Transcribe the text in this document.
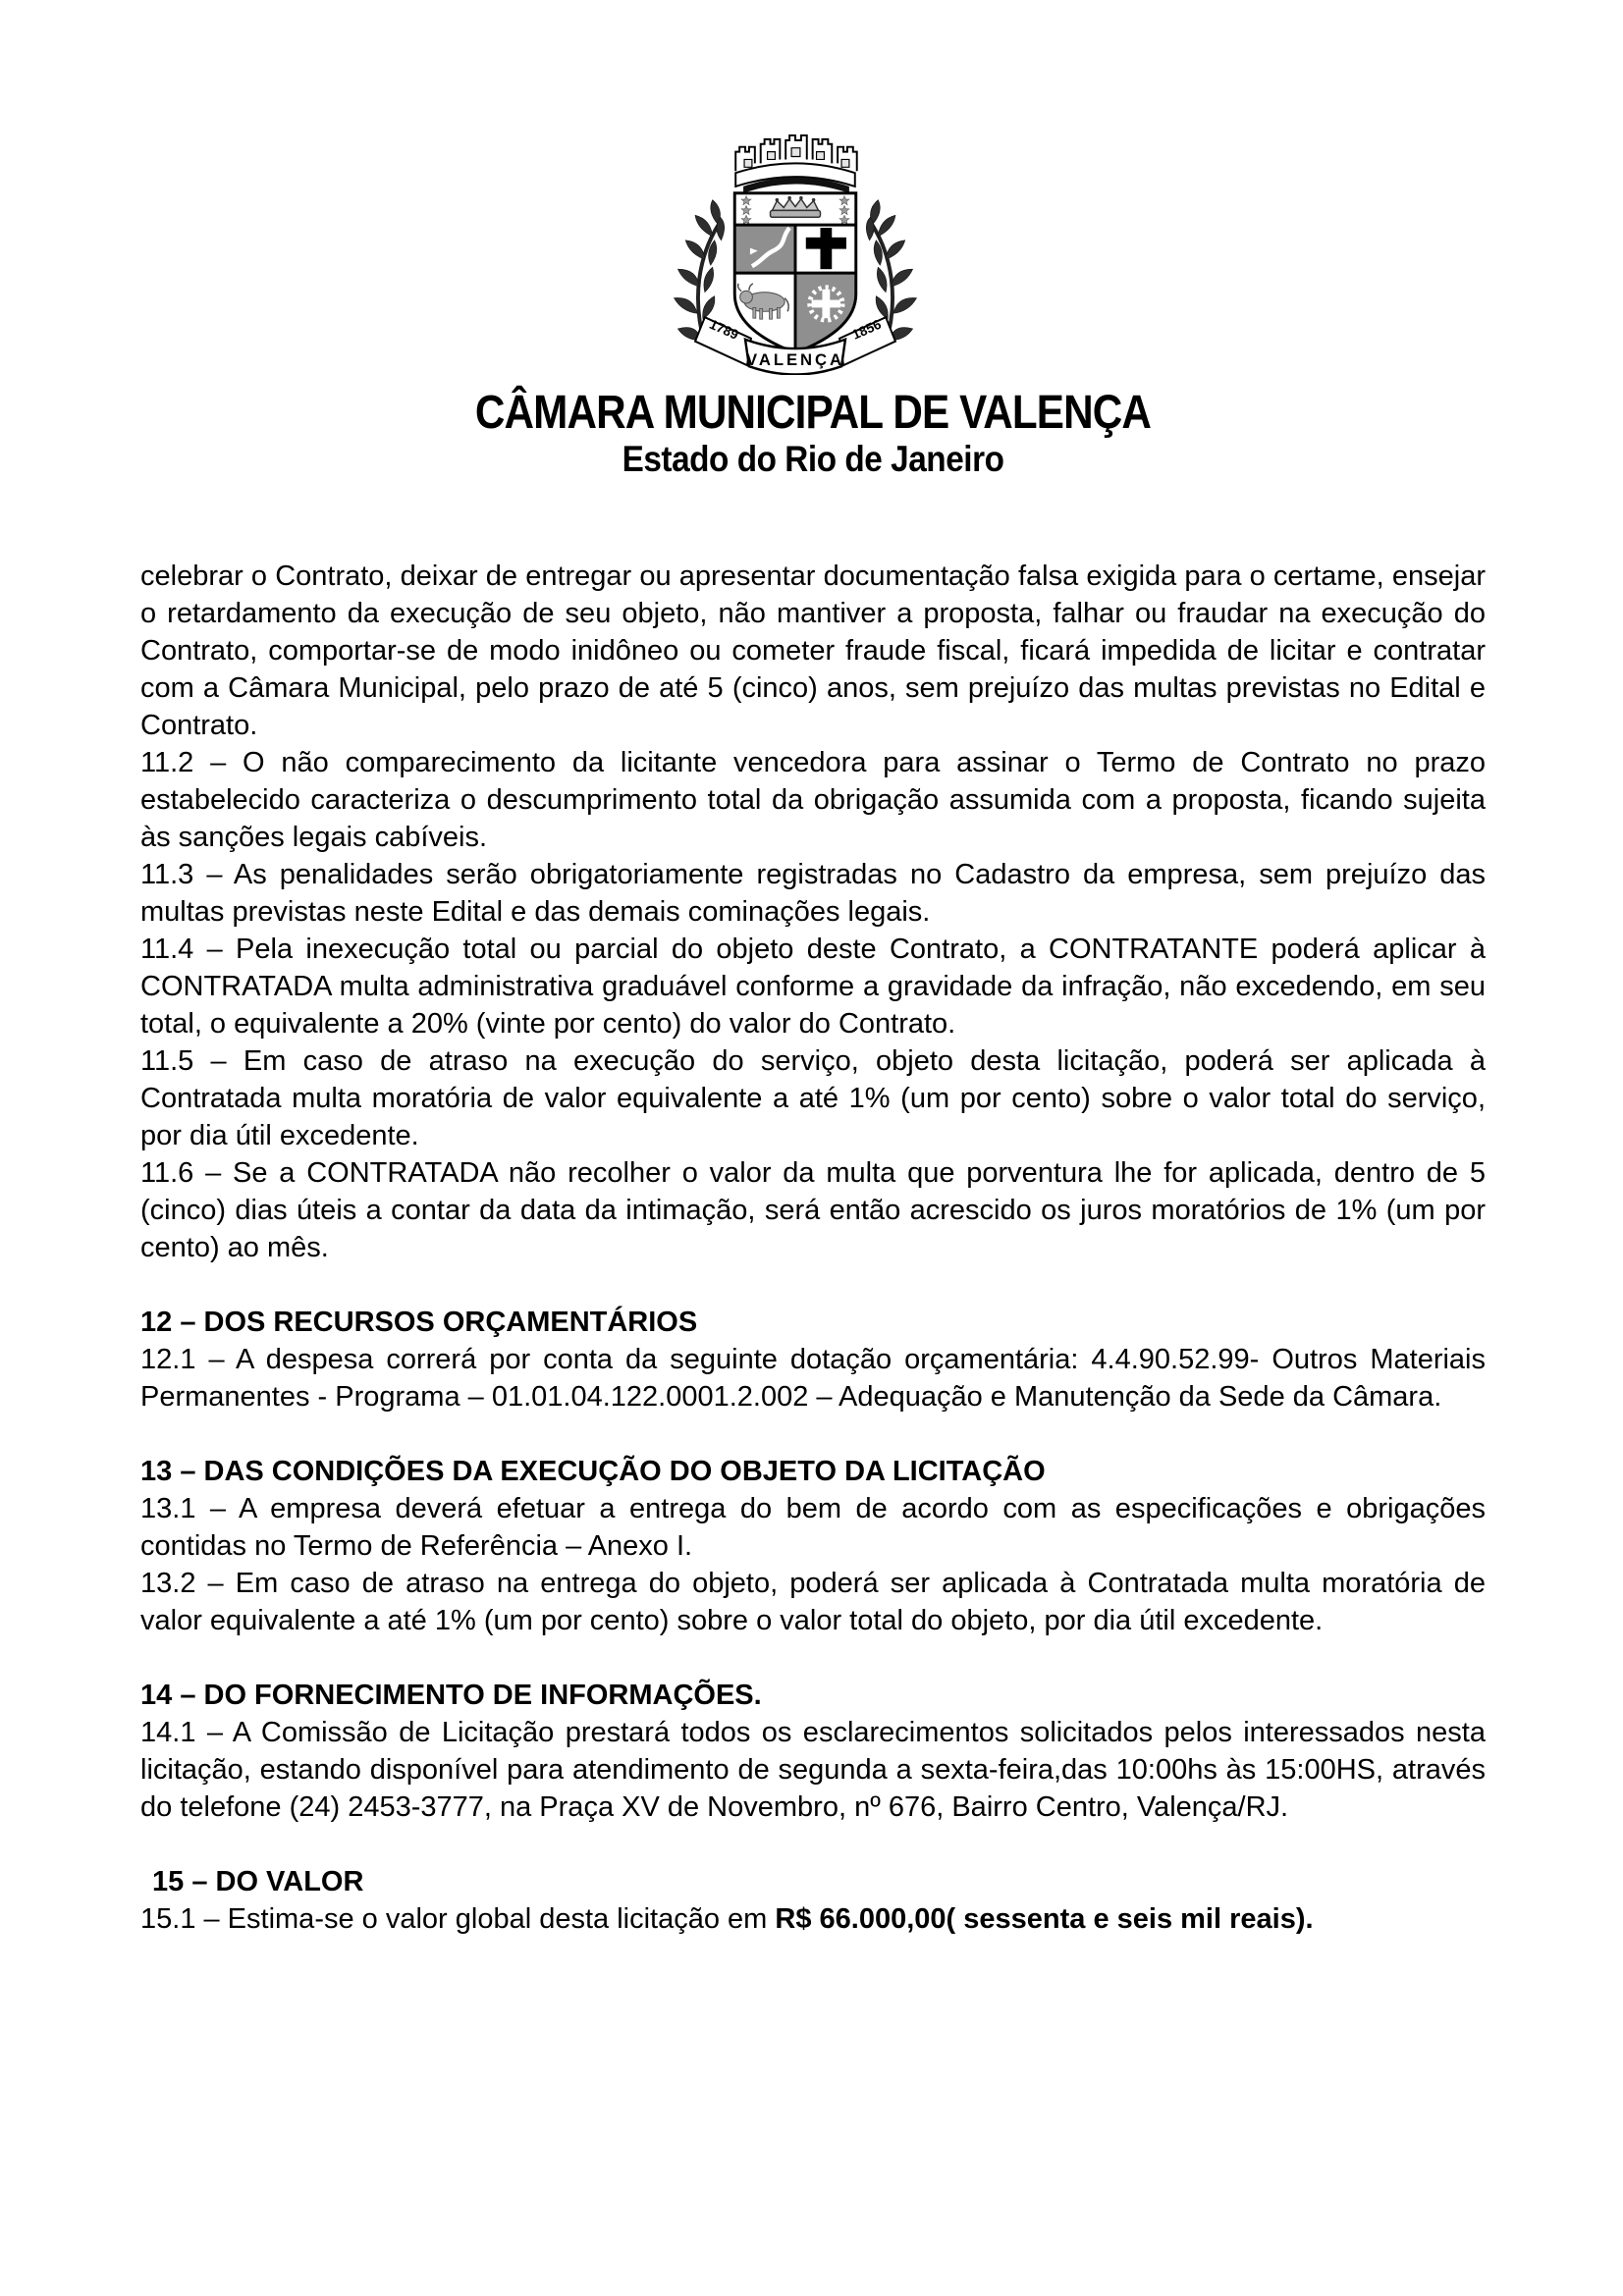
1789	1856
VALENÇA
CÂMARA MUNICIPAL DE VALENÇA
Estado do Rio de Janeiro

celebrar o Contrato, deixar de entregar ou apresentar documentação falsa exigida para o certame, ensejar o retardamento da execução de seu objeto, não mantiver a proposta, falhar ou fraudar na execução do Contrato, comportar-se de modo inidôneo ou cometer fraude fiscal, ficará impedida de licitar e contratar com a Câmara Municipal, pelo prazo de até 5 (cinco) anos, sem prejuízo das multas previstas no Edital e Contrato.

11.2 – O não comparecimento da licitante vencedora para assinar o Termo de Contrato no prazo estabelecido caracteriza o descumprimento total da obrigação assumida com a proposta, ficando sujeita às sanções legais cabíveis.

11.3 – As penalidades serão obrigatoriamente registradas no Cadastro da empresa, sem prejuízo das multas previstas neste Edital e das demais cominações legais.

11.4 – Pela inexecução total ou parcial do objeto deste Contrato, a CONTRATANTE poderá aplicar à CONTRATADA multa administrativa graduável conforme a gravidade da infração, não excedendo, em seu total, o equivalente a 20% (vinte por cento) do valor do Contrato.

11.5 – Em caso de atraso na execução do serviço, objeto desta licitação, poderá ser aplicada à Contratada multa moratória de valor equivalente a até 1% (um por cento) sobre o valor total do serviço, por dia útil excedente.

11.6 – Se a CONTRATADA não recolher o valor da multa que porventura lhe for aplicada, dentro de 5 (cinco) dias úteis a contar da data da intimação, será então acrescido os juros moratórios de 1% (um por cento) ao mês.

12 – DOS RECURSOS ORÇAMENTÁRIOS

12.1 – A despesa correrá por conta da seguinte dotação orçamentária: 4.4.90.52.99- Outros Materiais Permanentes - Programa – 01.01.04.122.0001.2.002 – Adequação e Manutenção da Sede da Câmara.

13 – DAS CONDIÇÕES DA EXECUÇÃO DO OBJETO DA LICITAÇÃO

13.1 – A empresa deverá efetuar a entrega do bem de acordo com as especificações e obrigações contidas no Termo de Referência – Anexo I.

13.2 – Em caso de atraso na entrega do objeto, poderá ser aplicada à Contratada multa moratória de valor equivalente a até 1% (um por cento) sobre o valor total do objeto, por dia útil excedente.

14 – DO FORNECIMENTO DE INFORMAÇÕES.

14.1 – A Comissão de Licitação prestará todos os esclarecimentos solicitados pelos interessados nesta licitação, estando disponível para atendimento de segunda a sexta-feira,das 10:00hs às 15:00HS, através do telefone (24) 2453-3777, na Praça XV de Novembro, nº 676, Bairro Centro, Valença/RJ.

15 – DO VALOR

15.1 – Estima-se o valor global desta licitação em R$ 66.000,00( sessenta e seis mil reais).
